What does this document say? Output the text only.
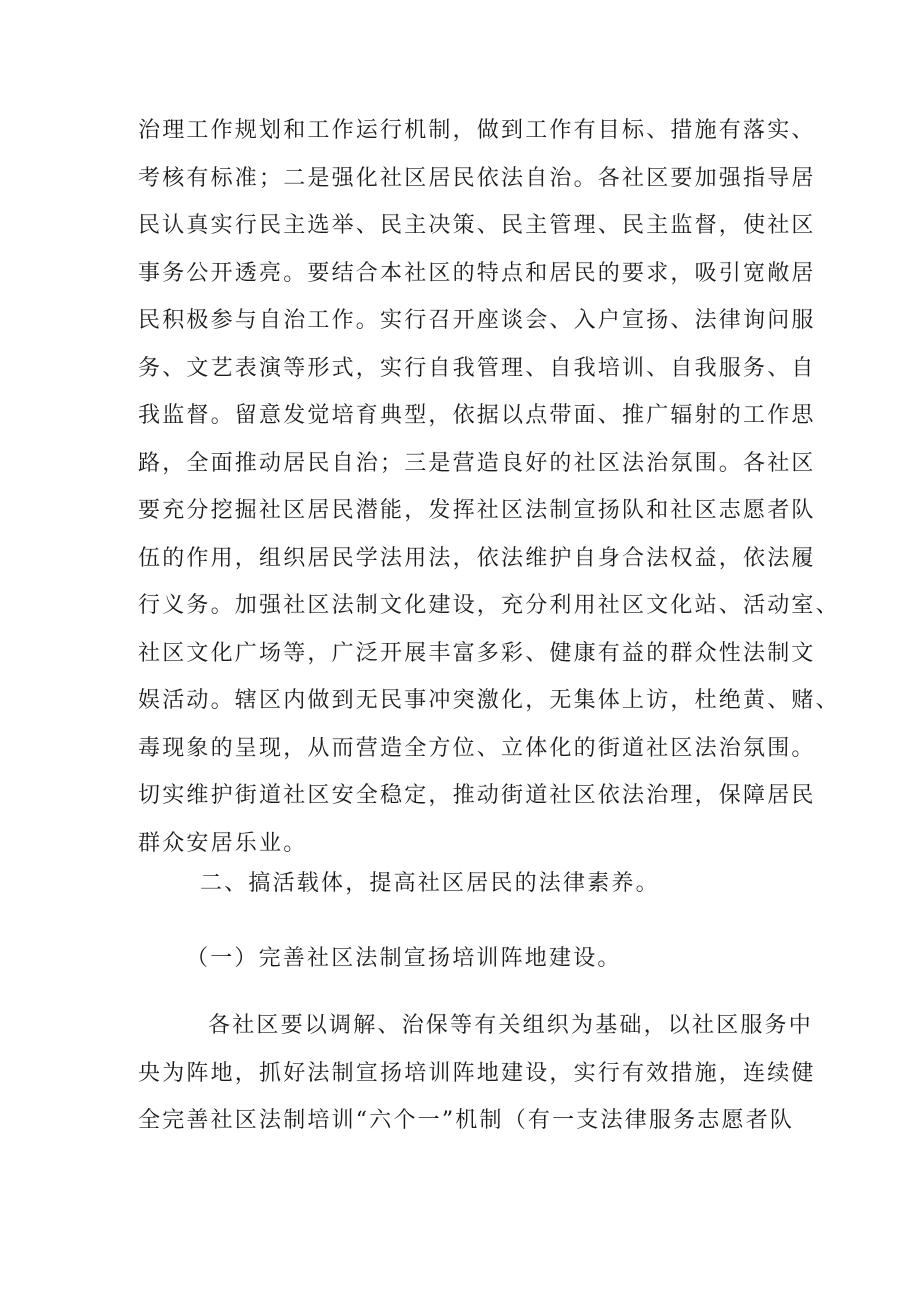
治理工作规划和工作运行机制，做到工作有目标、措施有落实、
考核有标准；二是强化社区居民依法自治。各社区要加强指导居
民认真实行民主选举、民主决策、民主管理、民主监督，使社区
事务公开透亮。要结合本社区的特点和居民的要求，吸引宽敞居
民积极参与自治工作。实行召开座谈会、入户宣扬、法律询问服
务、文艺表演等形式，实行自我管理、自我培训、自我服务、自
我监督。留意发觉培育典型，依据以点带面、推广辐射的工作思
路，全面推动居民自治；三是营造良好的社区法治氛围。各社区
要充分挖掘社区居民潜能，发挥社区法制宣扬队和社区志愿者队
伍的作用，组织居民学法用法，依法维护自身合法权益，依法履
行义务。加强社区法制文化建设，充分利用社区文化站、活动室、
社区文化广场等，广泛开展丰富多彩、健康有益的群众性法制文
娱活动。辖区内做到无民事冲突激化，无集体上访，杜绝黄、赌、
毒现象的呈现，从而营造全方位、立体化的街道社区法治氛围。
切实维护街道社区安全稳定，推动街道社区依法治理，保障居民
群众安居乐业。
二、搞活载体，提高社区居民的法律素养。
（一）完善社区法制宣扬培训阵地建设。
各社区要以调解、治保等有关组织为基础，以社区服务中
央为阵地，抓好法制宣扬培训阵地建设，实行有效措施，连续健
全完善社区法制培训“六个一”机制（有一支法律服务志愿者队
